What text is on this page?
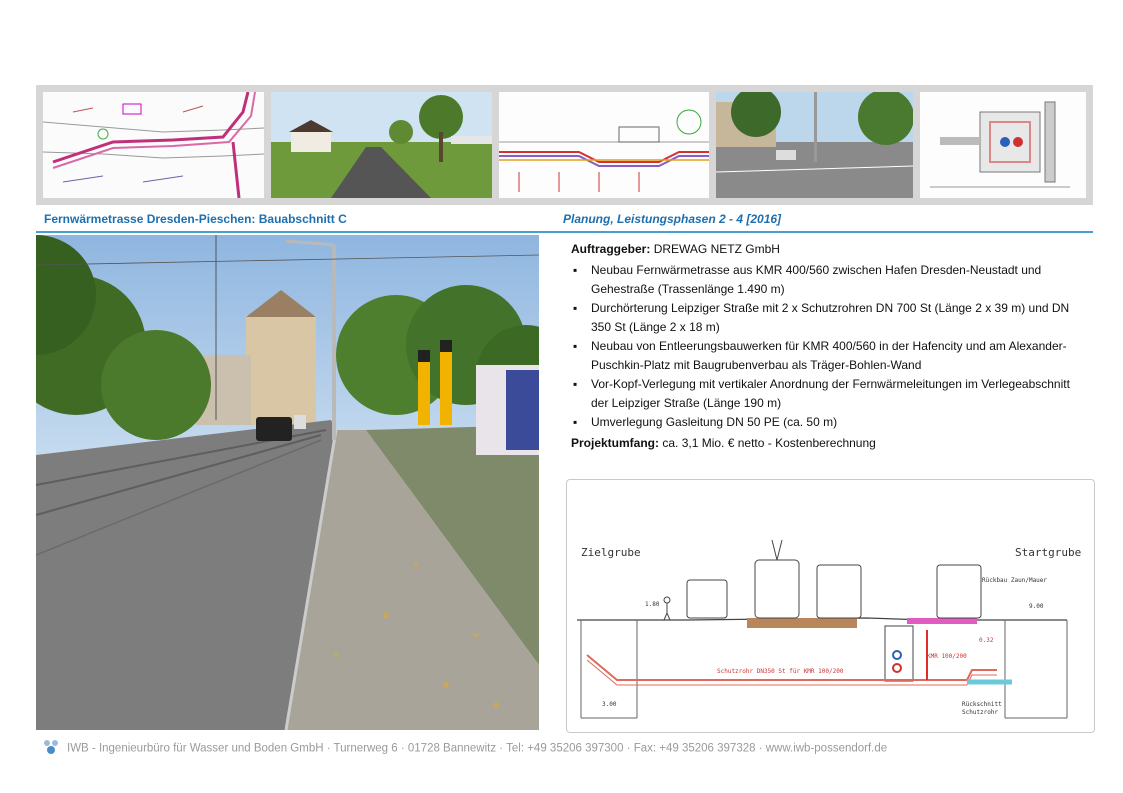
Fernwärmetrasse Dresden-Pieschen: Bauabschnitt C	Planung, Leistungsphasen 2 - 4 [2016]

Auftraggeber: DREWAG NETZ GmbH

▪ Neubau Fernwärmetrasse aus KMR 400/560 zwischen Hafen Dresden-Neustadt und Gehestraße (Trassenlänge 1.490 m)
▪ Durchörterung Leipziger Straße mit 2 x Schutzrohren DN 700 St (Länge 2 x 39 m) und DN 350 St (Länge 2 x 18 m)
▪ Neubau von Entleerungsbauwerken für KMR 400/560 in der Hafencity und am Alexander-Puschkin-Platz mit Baugrubenverbau als Träger-Bohlen-Wand
▪ Vor-Kopf-Verlegung mit vertikaler Anordnung der Fernwärmeleitungen im Verlegeabschnitt der Leipziger Straße (Länge 190 m)
▪ Umverlegung Gasleitung DN 50 PE (ca. 50 m)

Projektumfang: ca. 3,1 Mio. € netto - Kostenberechnung

Zielgrube	Startgrube
Rückbau Zaun/Mauer
Schutzrohr DN350 St für KMR 100/200
KMR 100/200
Rückschnitt
Schutzrohr
3.00
9.00
1.80
0.32
IWB - Ingenieurbüro für Wasser und Boden GmbH · Turnerweg 6 · 01728 Bannewitz · Tel: +49 35206 397300 · Fax: +49 35206 397328 · www.iwb-possendorf.de
